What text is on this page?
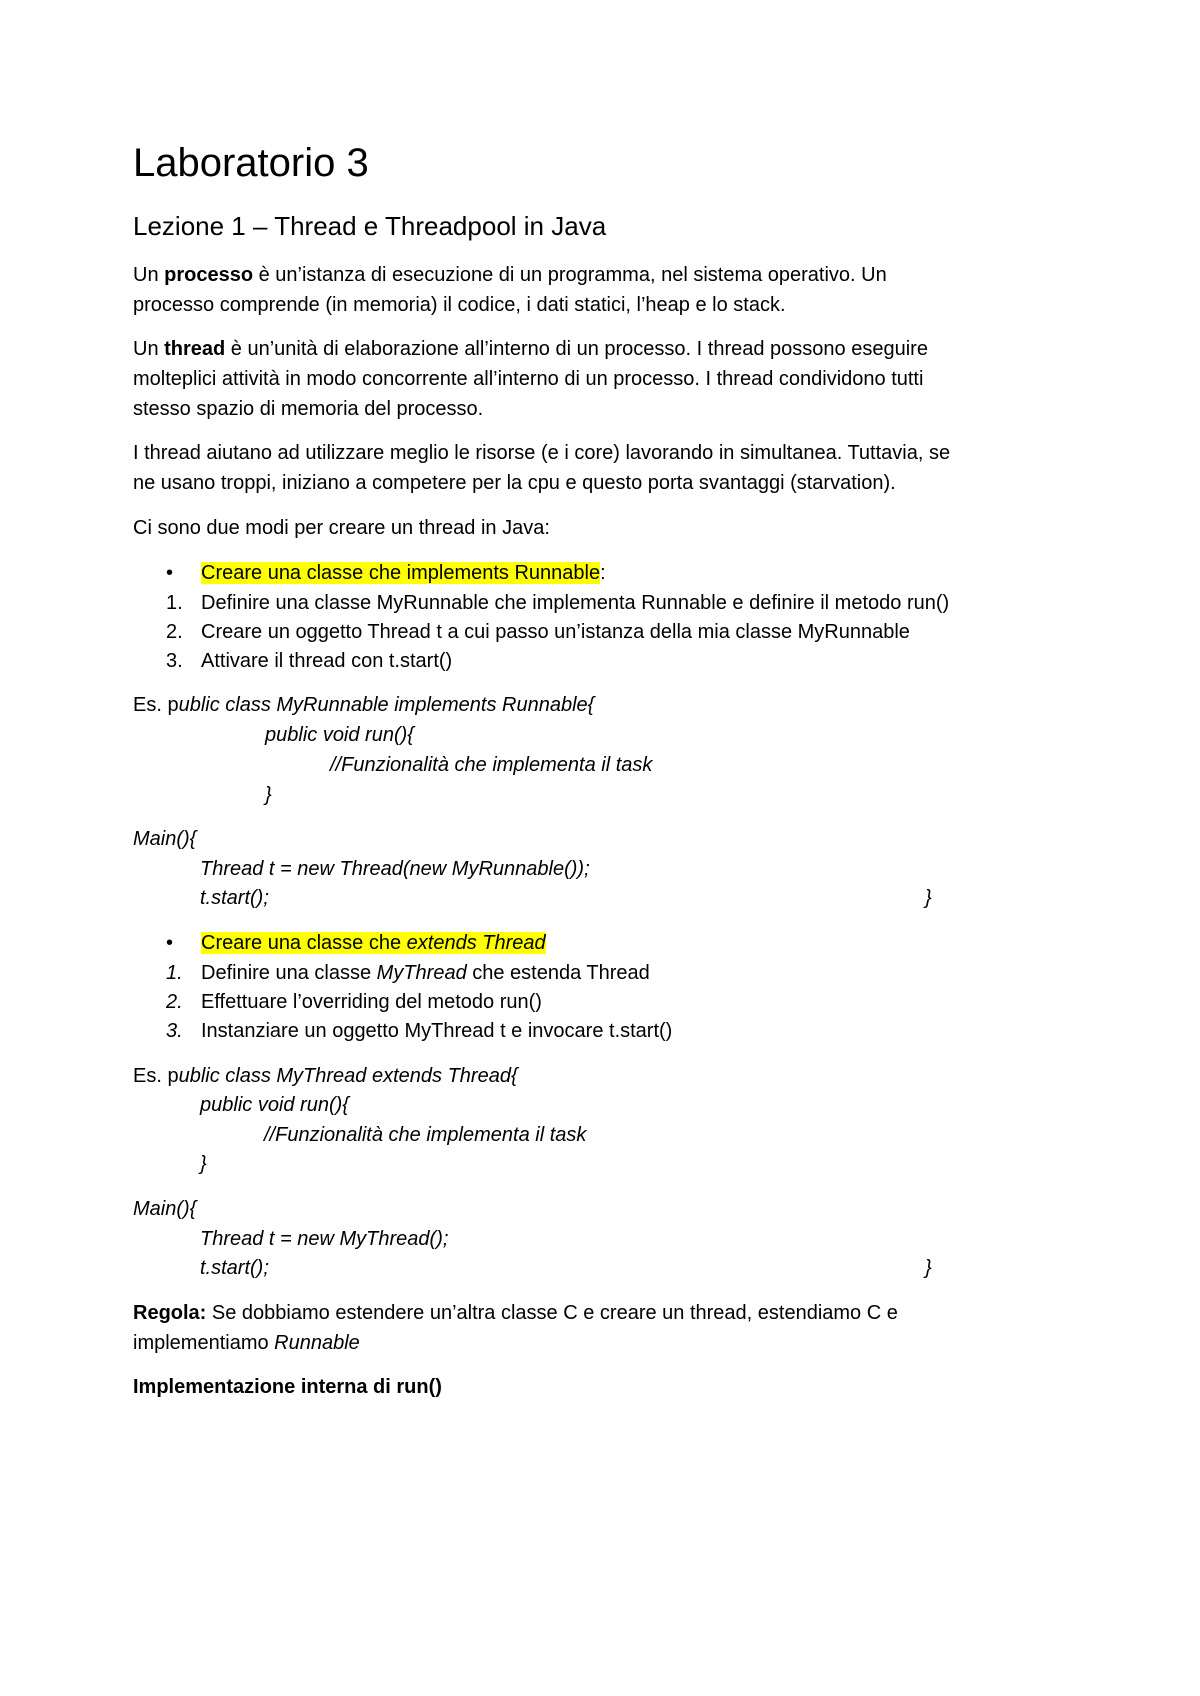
Laboratorio 3
Lezione 1 – Thread e Threadpool in Java
Un processo è un’istanza di esecuzione di un programma, nel sistema operativo. Un
processo comprende (in memoria) il codice, i dati statici, l’heap e lo stack.
Un thread è un’unità di elaborazione all’interno di un processo. I thread possono eseguire
molteplici attività in modo concorrente all’interno di un processo. I thread condividono tutti
stesso spazio di memoria del processo.
I thread aiutano ad utilizzare meglio le risorse (e i core) lavorando in simultanea. Tuttavia, se
ne usano troppi, iniziano a competere per la cpu e questo porta svantaggi (starvation).
Ci sono due modi per creare un thread in Java:
• Creare una classe che implements Runnable:
1. Definire una classe MyRunnable che implementa Runnable e definire il metodo run()
2. Creare un oggetto Thread t a cui passo un’istanza della mia classe MyRunnable
3. Attivare il thread con t.start()
Es. public class MyRunnable implements Runnable{
public void run(){
//Funzionalità che implementa il task
}
Main(){
Thread t = new Thread(new MyRunnable());
t.start();	}
• Creare una classe che extends Thread
1. Definire una classe MyThread che estenda Thread
2. Effettuare l’overriding del metodo run()
3. Instanziare un oggetto MyThread t e invocare t.start()
Es. public class MyThread extends Thread{
public void run(){
//Funzionalità che implementa il task
}
Main(){
Thread t = new MyThread();
t.start();	}
Regola: Se dobbiamo estendere un’altra classe C e creare un thread, estendiamo C e
implementiamo Runnable
Implementazione interna di run()
